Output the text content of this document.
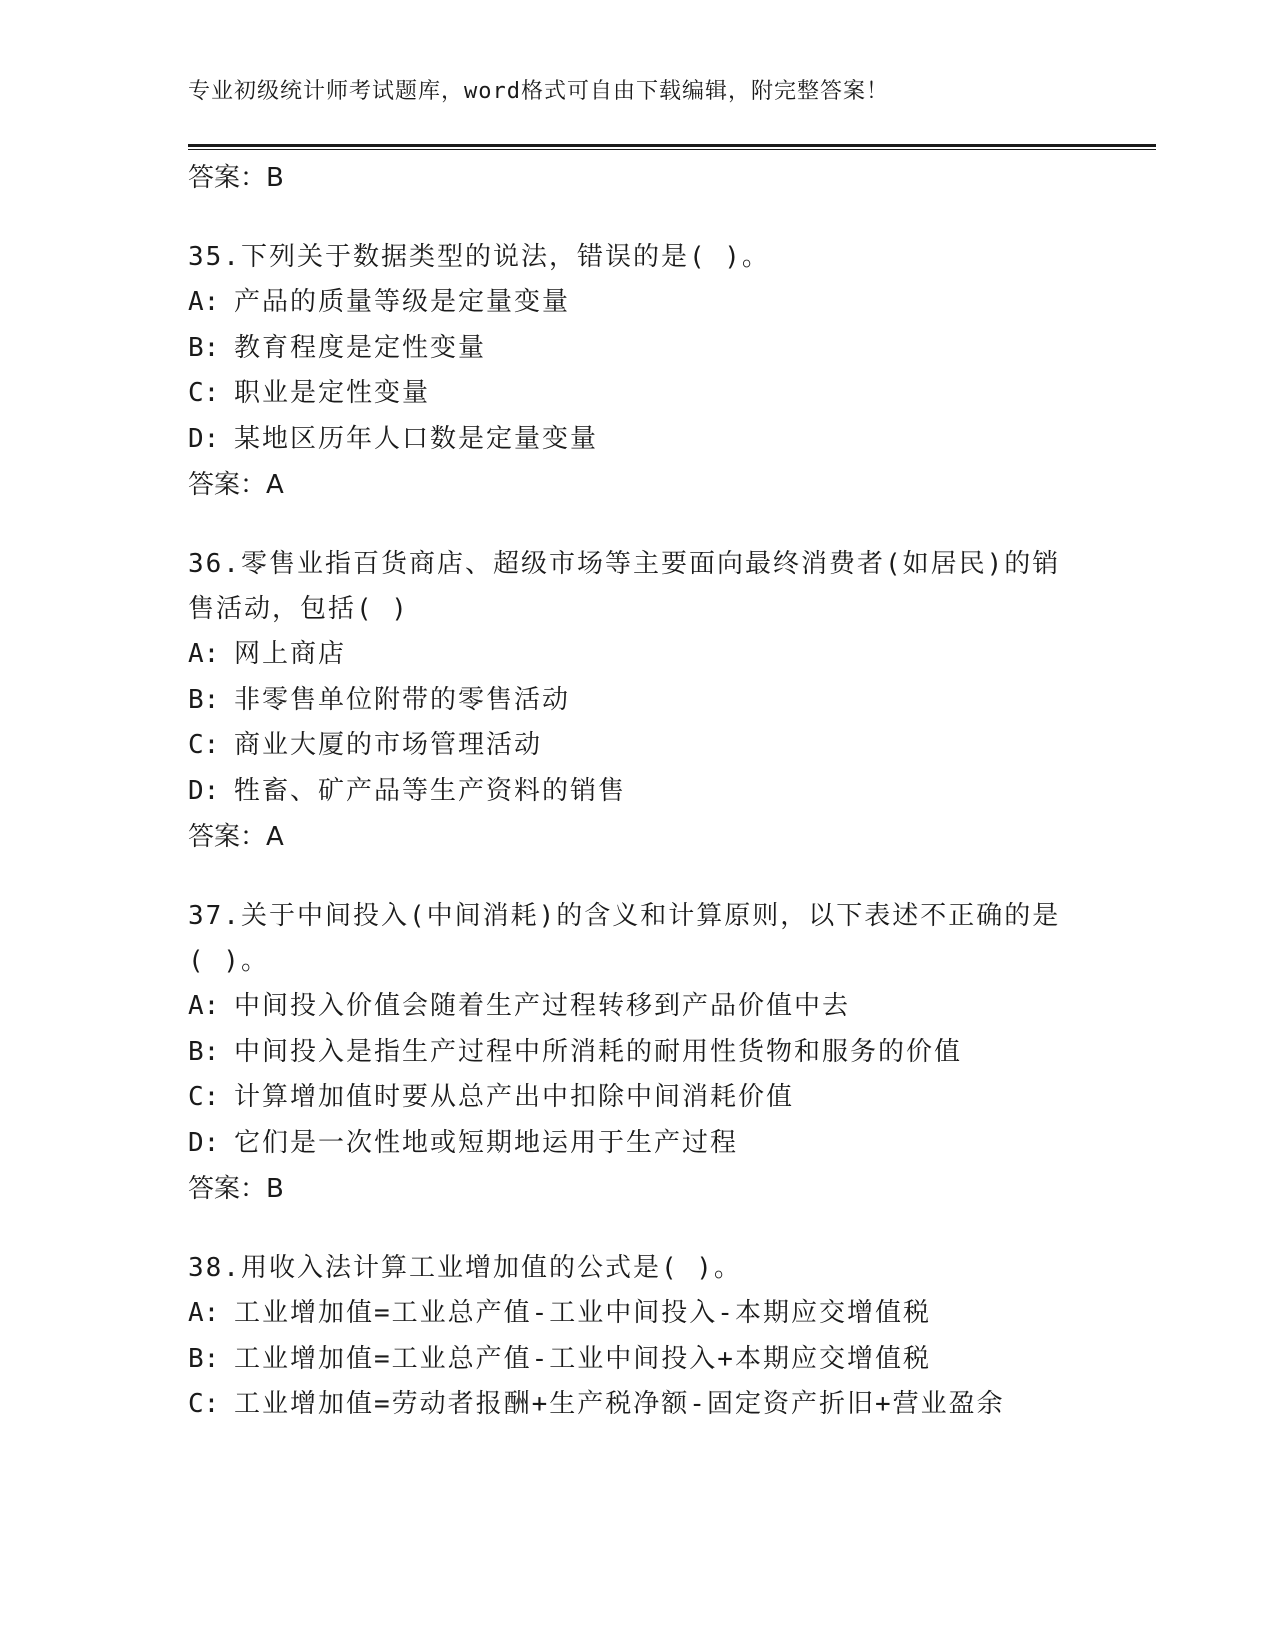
专业初级统计师考试题库，word格式可自由下载编辑，附完整答案！
答案：B
35.下列关于数据类型的说法，错误的是( )。
A: 产品的质量等级是定量变量
B: 教育程度是定性变量
C: 职业是定性变量
D: 某地区历年人口数是定量变量
答案：A
36.零售业指百货商店、超级市场等主要面向最终消费者(如居民)的销
售活动，包括( )
A: 网上商店
B: 非零售单位附带的零售活动
C: 商业大厦的市场管理活动
D: 牲畜、矿产品等生产资料的销售
答案：A
37.关于中间投入(中间消耗)的含义和计算原则，以下表述不正确的是
( )。
A: 中间投入价值会随着生产过程转移到产品价值中去
B: 中间投入是指生产过程中所消耗的耐用性货物和服务的价值
C: 计算增加值时要从总产出中扣除中间消耗价值
D: 它们是一次性地或短期地运用于生产过程
答案：B
38.用收入法计算工业增加值的公式是( )。
A: 工业增加值=工业总产值-工业中间投入-本期应交增值税
B: 工业增加值=工业总产值-工业中间投入+本期应交增值税
C: 工业增加值=劳动者报酬+生产税净额-固定资产折旧+营业盈余
